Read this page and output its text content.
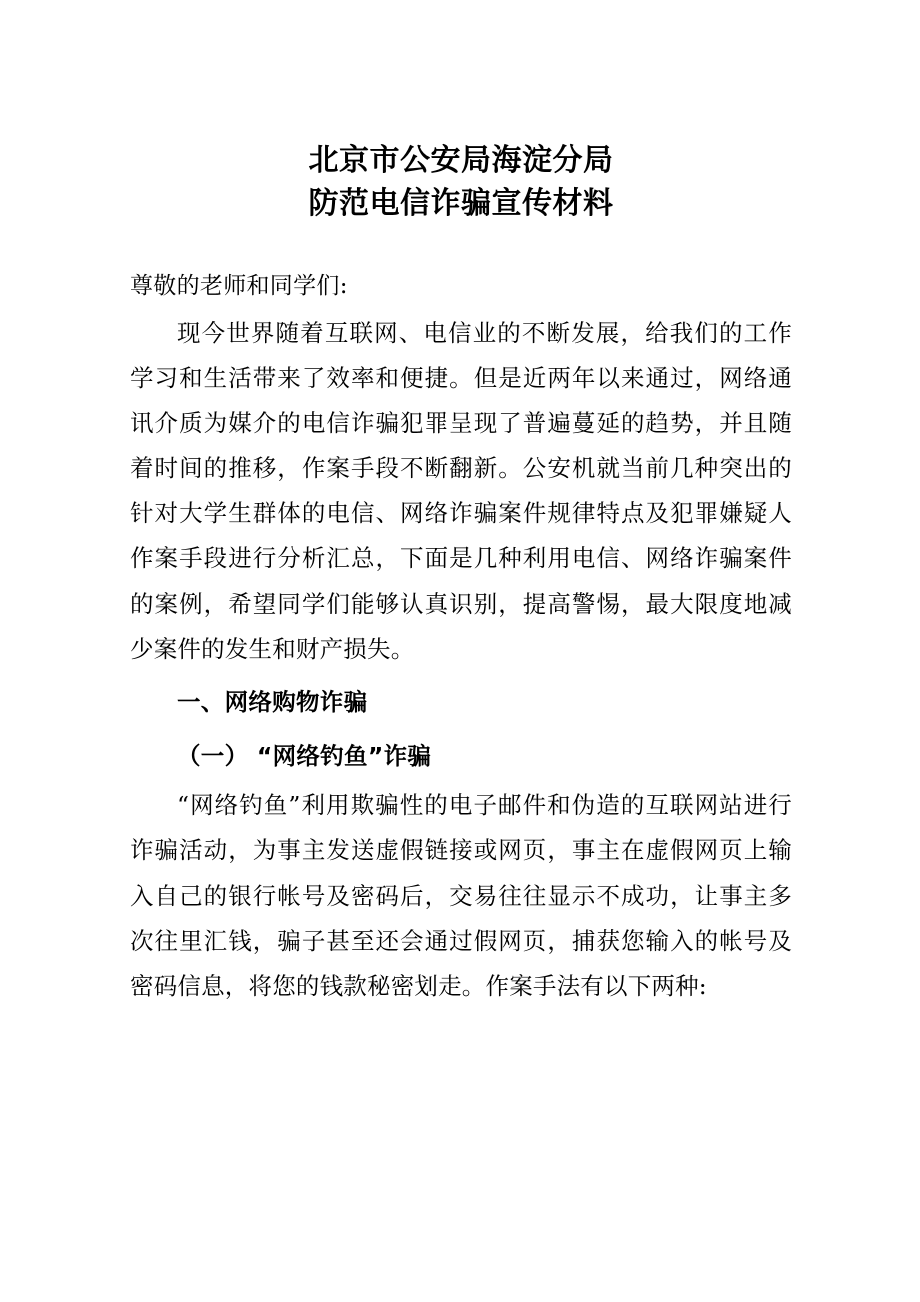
北京市公安局海淀分局
防范电信诈骗宣传材料

尊敬的老师和同学们:

现今世界随着互联网、电信业的不断发展，给我们的工作学习和生活带来了效率和便捷。但是近两年以来通过，网络通讯介质为媒介的电信诈骗犯罪呈现了普遍蔓延的趋势，并且随着时间的推移，作案手段不断翻新。公安机就当前几种突出的针对大学生群体的电信、网络诈骗案件规律特点及犯罪嫌疑人作案手段进行分析汇总，下面是几种利用电信、网络诈骗案件的案例，希望同学们能够认真识别，提高警惕，最大限度地减少案件的发生和财产损失。

一、网络购物诈骗
（一） “网络钓鱼”诈骗

“网络钓鱼”利用欺骗性的电子邮件和伪造的互联网站进行诈骗活动，为事主发送虚假链接或网页，事主在虚假网页上输入自己的银行帐号及密码后，交易往往显示不成功，让事主多次往里汇钱，骗子甚至还会通过假网页，捕获您输入的帐号及密码信息，将您的钱款秘密划走。作案手法有以下两种:
